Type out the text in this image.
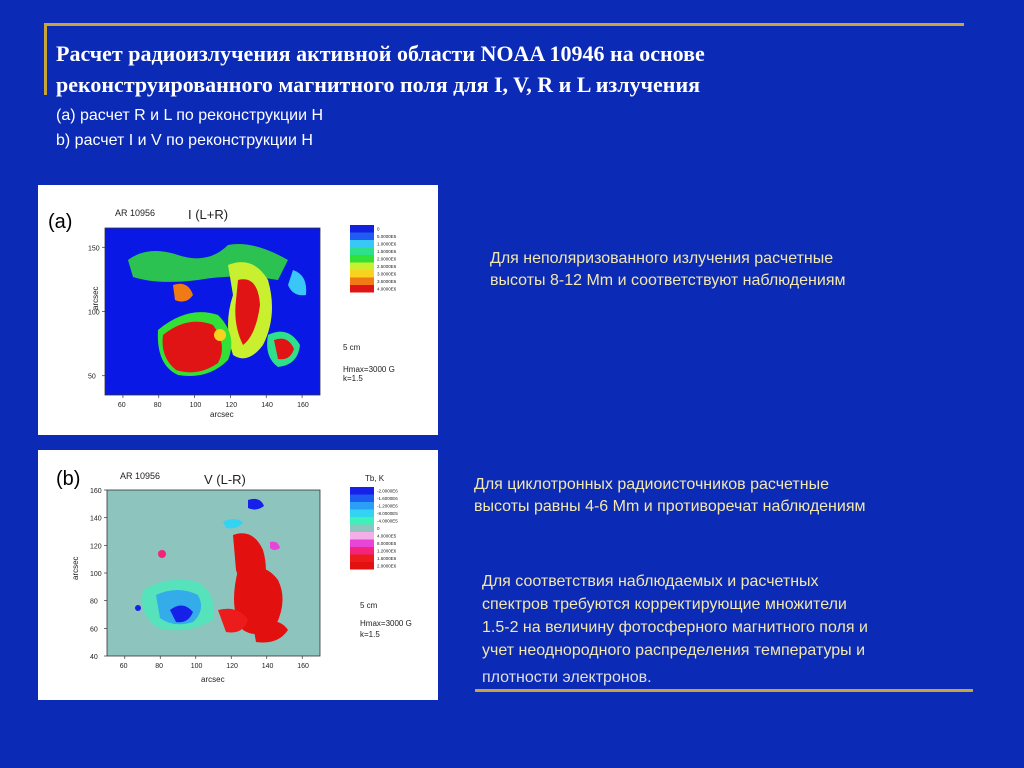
Расчет радиоизлучения активной области NOAA 10946 на основе
реконструированного магнитного поля для I, V, R и L излучения
(a) расчет R и L по реконструкции H
b) расчет I и V по реконструкции H
AR 10956	I (L+R)
0
5.0000E5
1.0000E6
1.5000E6
2.0000E6
2.5000E6
3.0000E6
3.5000E6
4.0000E6
5 cm
Hmax=3000 G
k=1.5
60	80	100	120	140	160
150
100
50
arcsec
arcsec
(a)
AR 10956	V (L-R)	Tb, K
-2.0000E6
-1.6000E6
-1.2000E6
-8.0000E5
-4.0000E5
0
4.0000E5
8.0000E5
1.2000E6
1.6000E6
2.0000E6
5 cm
Hmax=3000 G
k=1.5
60	80	100	120	140	160
160
140
120
100
80
60
40
arcsec
arcsec
(b)
Для неполяризованного излучения расчетные
высоты 8-12 Mm и соответствуют наблюдениям
Для циклотронных радиоисточников расчетные
высоты равны 4-6 Mm и противоречат наблюдениям
Для соответствия наблюдаемых и расчетных
спектров требуются корректирующие множители
1.5-2 на величину фотосферного магнитного поля и
учет неоднородного распределения температуры и
плотности электронов.
